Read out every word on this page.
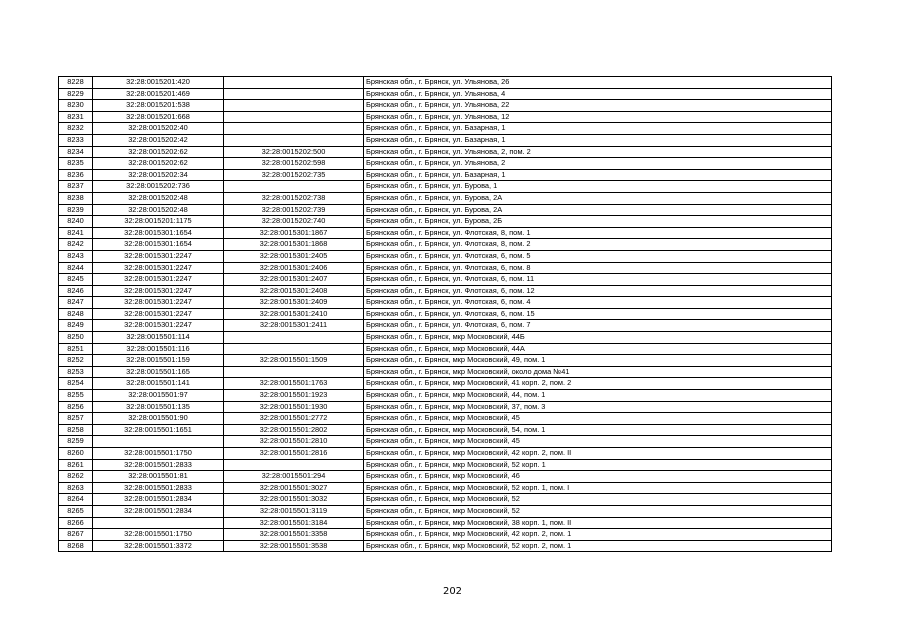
8228	32:28:0015201:420		Брянская обл., г. Брянск, ул. Ульянова, 26
8229	32:28:0015201:469		Брянская обл., г. Брянск, ул. Ульянова, 4
8230	32:28:0015201:538		Брянская обл., г. Брянск, ул. Ульянова, 22
8231	32:28:0015201:668		Брянская обл., г. Брянск, ул. Ульянова, 12
8232	32:28:0015202:40		Брянская обл., г. Брянск, ул. Базарная, 1
8233	32:28:0015202:42		Брянская обл., г. Брянск, ул. Базарная, 1
8234	32:28:0015202:62	32:28:0015202:500	Брянская обл., г. Брянск, ул. Ульянова, 2, пом. 2
8235	32:28:0015202:62	32:28:0015202:598	Брянская обл., г. Брянск, ул. Ульянова, 2
8236	32:28:0015202:34	32:28:0015202:735	Брянская обл., г. Брянск, ул. Базарная, 1
8237	32:28:0015202:736		Брянская обл., г. Брянск, ул. Бурова, 1
8238	32:28:0015202:48	32:28:0015202:738	Брянская обл., г. Брянск, ул. Бурова, 2А
8239	32:28:0015202:48	32:28:0015202:739	Брянская обл., г. Брянск, ул. Бурова, 2А
8240	32:28:0015201:1175	32:28:0015202:740	Брянская обл., г. Брянск, ул. Бурова, 2Б
8241	32:28:0015301:1654	32:28:0015301:1867	Брянская обл., г. Брянск, ул. Флотская, 8, пом. 1
8242	32:28:0015301:1654	32:28:0015301:1868	Брянская обл., г. Брянск, ул. Флотская, 8, пом. 2
8243	32:28:0015301:2247	32:28:0015301:2405	Брянская обл., г. Брянск, ул. Флотская, 6, пом. 5
8244	32:28:0015301:2247	32:28:0015301:2406	Брянская обл., г. Брянск, ул. Флотская, 6, пом. 8
8245	32:28:0015301:2247	32:28:0015301:2407	Брянская обл., г. Брянск, ул. Флотская, 6, пом. 11
8246	32:28:0015301:2247	32:28:0015301:2408	Брянская обл., г. Брянск, ул. Флотская, 6, пом. 12
8247	32:28:0015301:2247	32:28:0015301:2409	Брянская обл., г. Брянск, ул. Флотская, 6, пом. 4
8248	32:28:0015301:2247	32:28:0015301:2410	Брянская обл., г. Брянск, ул. Флотская, 6, пом. 15
8249	32:28:0015301:2247	32:28:0015301:2411	Брянская обл., г. Брянск, ул. Флотская, 6, пом. 7
8250	32:28:0015501:114		Брянская обл., г. Брянск, мкр Московский, 44Б
8251	32:28:0015501:116		Брянская обл., г. Брянск, мкр Московский, 44А
8252	32:28:0015501:159	32:28:0015501:1509	Брянская обл., г. Брянск, мкр Московский, 49, пом. 1
8253	32:28:0015501:165		Брянская обл., г. Брянск, мкр Московский, около дома №41
8254	32:28:0015501:141	32:28:0015501:1763	Брянская обл., г. Брянск, мкр Московский, 41 корп. 2, пом. 2
8255	32:28:0015501:97	32:28:0015501:1923	Брянская обл., г. Брянск, мкр Московский, 44, пом. 1
8256	32:28:0015501:135	32:28:0015501:1930	Брянская обл., г. Брянск, мкр Московский, 37, пом. 3
8257	32:28:0015501:90	32:28:0015501:2772	Брянская обл., г. Брянск, мкр Московский, 45
8258	32:28:0015501:1651	32:28:0015501:2802	Брянская обл., г. Брянск, мкр Московский, 54, пом. 1
8259		32:28:0015501:2810	Брянская обл., г. Брянск, мкр Московский, 45
8260	32:28:0015501:1750	32:28:0015501:2816	Брянская обл., г. Брянск, мкр Московский, 42 корп. 2, пом. II
8261	32:28:0015501:2833		Брянская обл., г. Брянск, мкр Московский, 52 корп. 1
8262	32:28:0015501:81	32:28:0015501:294	Брянская обл., г. Брянск, мкр Московский, 46
8263	32:28:0015501:2833	32:28:0015501:3027	Брянская обл., г. Брянск, мкр Московский, 52 корп. 1, пом. I
8264	32:28:0015501:2834	32:28:0015501:3032	Брянская обл., г. Брянск, мкр Московский, 52
8265	32:28:0015501:2834	32:28:0015501:3119	Брянская обл., г. Брянск, мкр Московский, 52
8266		32:28:0015501:3184	Брянская обл., г. Брянск, мкр Московский, 38 корп. 1, пом. II
8267	32:28:0015501:1750	32:28:0015501:3358	Брянская обл., г. Брянск, мкр Московский, 42 корп. 2, пом. 1
8268	32:28:0015501:3372	32:28:0015501:3538	Брянская обл., г. Брянск, мкр Московский, 52 корп. 2, пом. 1
202
